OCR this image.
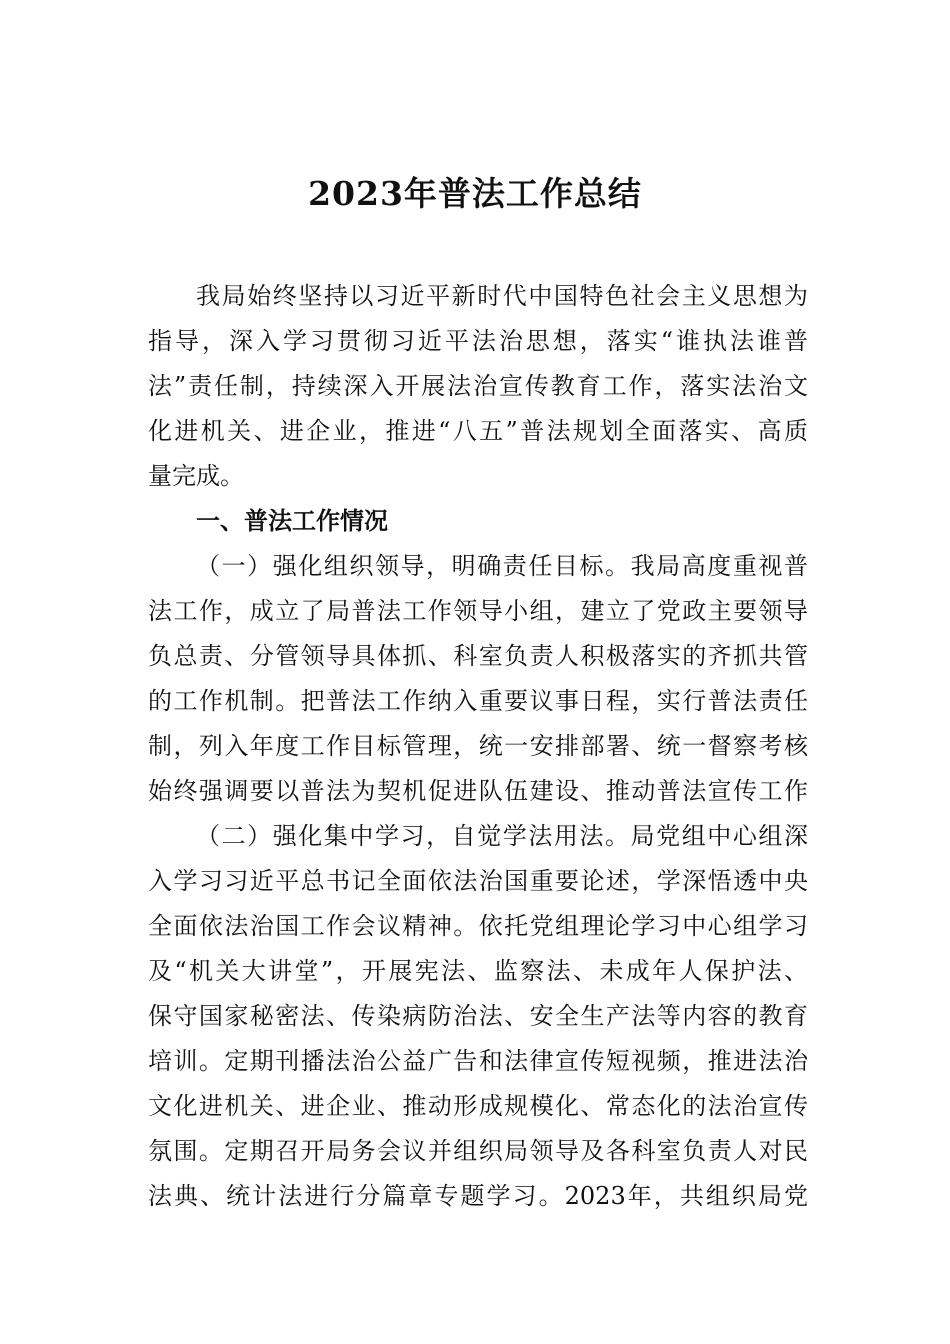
2023年普法工作总结
我局始终坚持以习近平新时代中国特色社会主义思想为
指导，深入学习贯彻习近平法治思想，落实“谁执法谁普
法”责任制，持续深入开展法治宣传教育工作，落实法治文
化进机关、进企业，推进“八五”普法规划全面落实、高质
量完成。
一、普法工作情况
（一）强化组织领导，明确责任目标。我局高度重视普
法工作，成立了局普法工作领导小组，建立了党政主要领导
负总责、分管领导具体抓、科室负责人积极落实的齐抓共管
的工作机制。把普法工作纳入重要议事日程，实行普法责任
制，列入年度工作目标管理，统一安排部署、统一督察考核
始终强调要以普法为契机促进队伍建设、推动普法宣传工作
（二）强化集中学习，自觉学法用法。局党组中心组深
入学习习近平总书记全面依法治国重要论述，学深悟透中央
全面依法治国工作会议精神。依托党组理论学习中心组学习
及“机关大讲堂”，开展宪法、监察法、未成年人保护法、
保守国家秘密法、传染病防治法、安全生产法等内容的教育
培训。定期刊播法治公益广告和法律宣传短视频，推进法治
文化进机关、进企业、推动形成规模化、常态化的法治宣传
氛围。定期召开局务会议并组织局领导及各科室负责人对民
法典、统计法进行分篇章专题学习。2023年，共组织局党
